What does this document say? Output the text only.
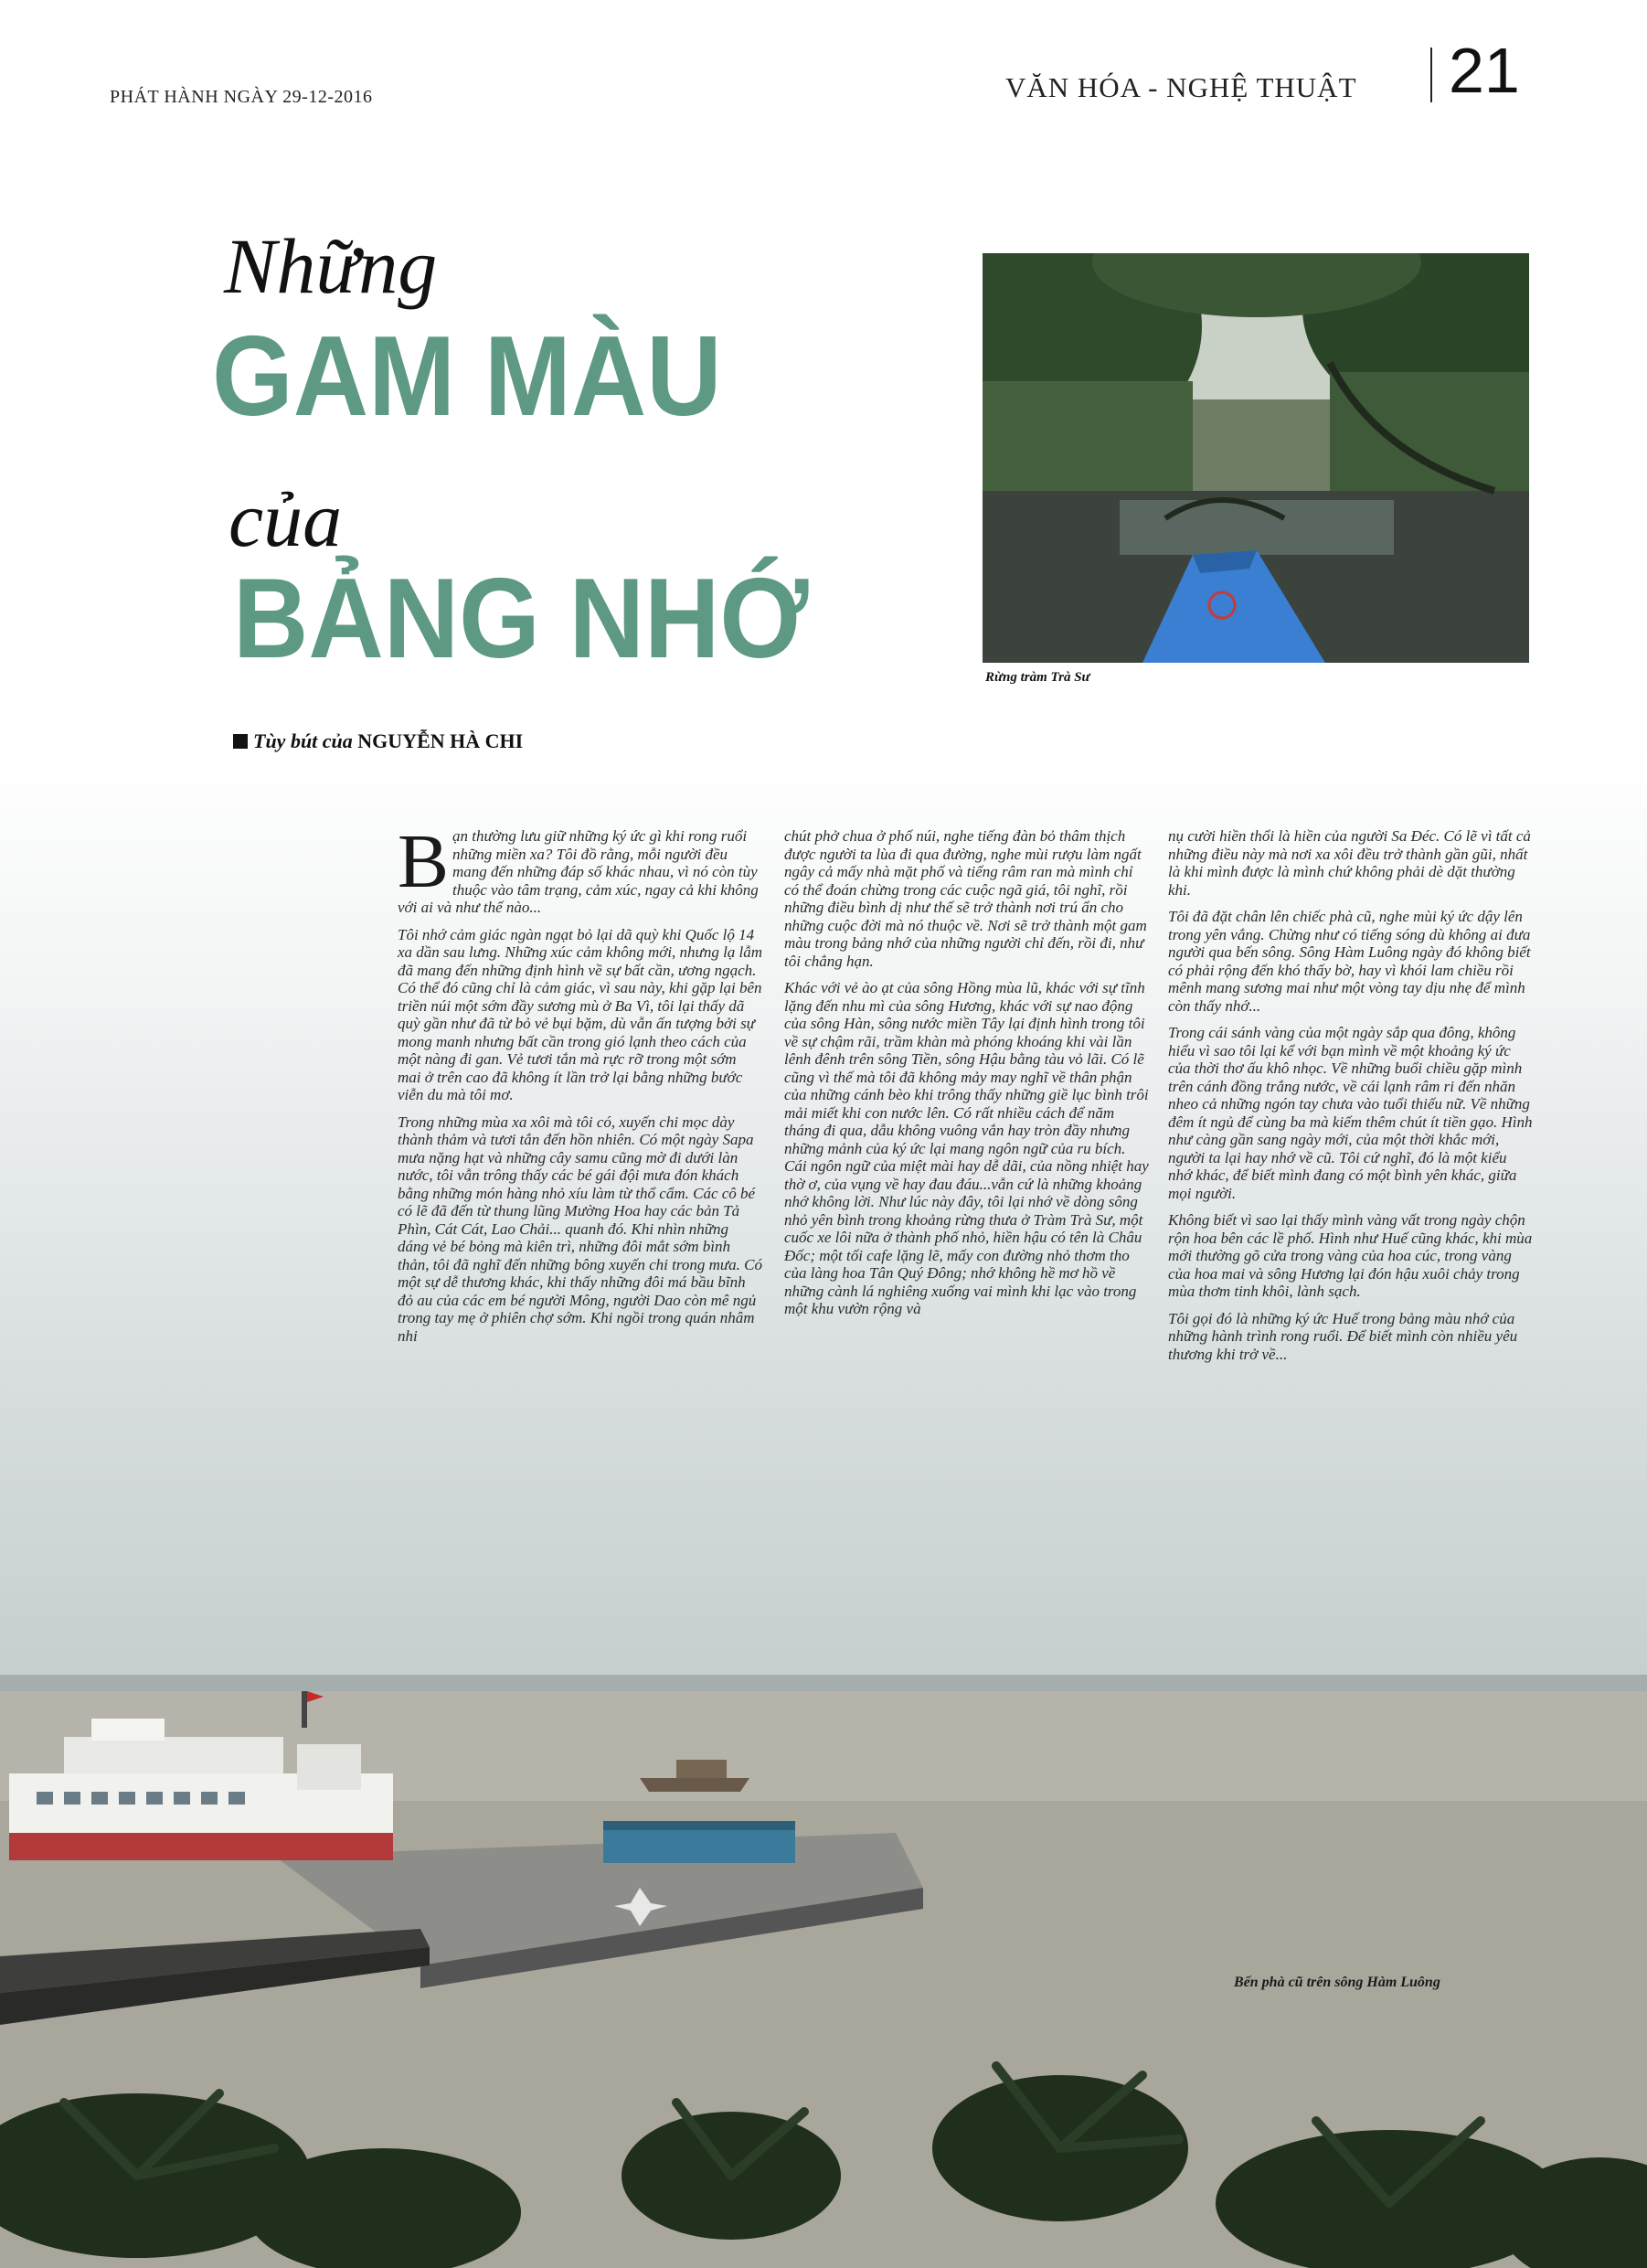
Bến phà cũ trên sông Hàm Luông
PHÁT HÀNH NGÀY 29-12-2016	VĂN HÓA - NGHỆ THUẬT 21
Những
GAM MÀU
của
BẢNG NHỚ
Tùy bút của NGUYỄN HÀ CHI
Rừng tràm Trà Sư

Bạn thường lưu giữ những ký ức gì khi rong ruổi những miền xa? Tôi đồ rằng, mỗi người đều mang đến những đáp số khác nhau, vì nó còn tùy thuộc vào tâm trạng, cảm xúc, ngay cả khi không với ai và như thế nào...

Tôi nhớ cảm giác ngàn ngạt bỏ lại dã quỳ khi Quốc lộ 14 xa dần sau lưng. Những xúc cảm không mới, nhưng lạ lẫm đã mang đến những định hình về sự bất cần, ương ngạch. Có thể đó cũng chỉ là cảm giác, vì sau này, khi gặp lại bên triền núi một sớm đầy sương mù ở Ba Vì, tôi lại thấy dã quỳ gần như đã từ bỏ vẻ bụi bặm, dù vẫn ấn tượng bởi sự mong manh nhưng bất cần trong gió lạnh theo cách của một nàng đi gan. Vẻ tươi tắn mà rực rỡ trong một sớm mai ở trên cao đã không ít lần trở lại bằng những bước viễn du mà tôi mơ.

Trong những mùa xa xôi mà tôi có, xuyến chi mọc dày thành thảm và tươi tắn đến hồn nhiên. Có một ngày Sapa mưa nặng hạt và những cây samu cũng mờ đi dưới làn nước, tôi vẫn trông thấy các bé gái đội mưa đón khách bằng những món hàng nhỏ xíu làm từ thổ cẩm. Các cô bé có lẽ đã đến từ thung lũng Mường Hoa hay các bản Tả Phìn, Cát Cát, Lao Chải... quanh đó. Khi nhìn những dáng vẻ bé bỏng mà kiên trì, những đôi mắt sớm bình thản, tôi đã nghĩ đến những bông xuyến chi trong mưa. Có một sự dễ thương khác, khi thấy những đôi má bầu bĩnh đỏ au của các em bé người Mông, người Dao còn mê ngủ trong tay mẹ ở phiên chợ sớm. Khi ngồi trong quán nhâm nhi

chút phở chua ở phố núi, nghe tiếng đàn bỏ thâm thịch được người ta lùa đi qua đường, nghe mùi rượu làm ngất ngây cả mấy nhà mặt phố và tiếng râm ran mà mình chỉ có thể đoán chừng trong các cuộc ngã giá, tôi nghĩ, rồi những điều bình dị như thế sẽ trở thành nơi trú ẩn cho những cuộc đời mà nó thuộc về. Nơi sẽ trở thành một gam màu trong bảng nhớ của những người chỉ đến, rồi đi, như tôi chẳng hạn.

Khác với vẻ ào ạt của sông Hồng mùa lũ, khác với sự tĩnh lặng đến nhu mì của sông Hương, khác với sự nao động của sông Hàn, sông nước miền Tây lại định hình trong tôi về sự chậm rãi, trầm khàn mà phóng khoáng khi vài lần lênh đênh trên sông Tiền, sông Hậu bằng tàu vỏ lãi. Có lẽ cũng vì thế mà tôi đã không mảy may nghĩ về thân phận của những cánh bèo khi trông thấy những giề lục bình trôi mải miết khi con nước lên. Có rất nhiều cách để năm tháng đi qua, dẫu không vuông vắn hay tròn đầy nhưng những mảnh của ký ức lại mang ngôn ngữ của ru bích. Cái ngôn ngữ của miệt mài hay dễ dãi, của nồng nhiệt hay thờ ơ, của vụng về hay đau đáu...vẫn cứ là những khoảng nhớ không lời. Như lúc này đây, tôi lại nhớ về dòng sông nhỏ yên bình trong khoảng rừng thưa ở Tràm Trà Sư, một cuốc xe lôi nữa ở thành phố nhỏ, hiền hậu có tên là Châu Đốc; một tối cafe lặng lẽ, mấy con đường nhỏ thơm tho của làng hoa Tân Quý Đông; nhớ không hề mơ hồ về những cành lá nghiêng xuống vai mình khi lạc vào trong một khu vườn rộng và

nụ cười hiền thổi là hiền của người Sa Đéc. Có lẽ vì tất cả những điều này mà nơi xa xôi đều trở thành gần gũi, nhất là khi mình được là mình chứ không phải dè dặt thường khi.

Tôi đã đặt chân lên chiếc phà cũ, nghe mùi ký ức dậy lên trong yên vắng. Chừng như có tiếng sóng dù không ai đưa người qua bến sông. Sông Hàm Luông ngày đó không biết có phải rộng đến khó thấy bờ, hay vì khói lam chiều rồi mênh mang sương mai như một vòng tay dịu nhẹ để mình còn thấy nhớ...

Trong cái sánh vàng của một ngày sắp qua đông, không hiểu vì sao tôi lại kể với bạn mình về một khoảng ký ức của thời thơ ấu khô nhọc. Về những buổi chiều gặp mình trên cánh đồng trắng nước, về cái lạnh râm ri đến nhăn nheo cả những ngón tay chưa vào tuổi thiếu nữ. Về những đêm ít ngủ để cùng ba mà kiếm thêm chút ít tiền gạo. Hình như càng gần sang ngày mới, của một thời khắc mới, người ta lại hay nhớ về cũ. Tôi cứ nghĩ, đó là một kiểu nhớ khác, để biết mình đang có một bình yên khác, giữa mọi người.

Không biết vì sao lại thấy mình vàng vất trong ngày chộn rộn hoa bên các lề phố. Hình như Huế cũng khác, khi mùa mới thường gõ cửa trong vàng của hoa cúc, trong vàng của hoa mai và sông Hương lại đón hậu xuôi chảy trong mùa thơm tinh khôi, lành sạch.

Tôi gọi đó là những ký ức Huế trong bảng màu nhớ của những hành trình rong ruổi. Để biết mình còn nhiều yêu thương khi trở về...
